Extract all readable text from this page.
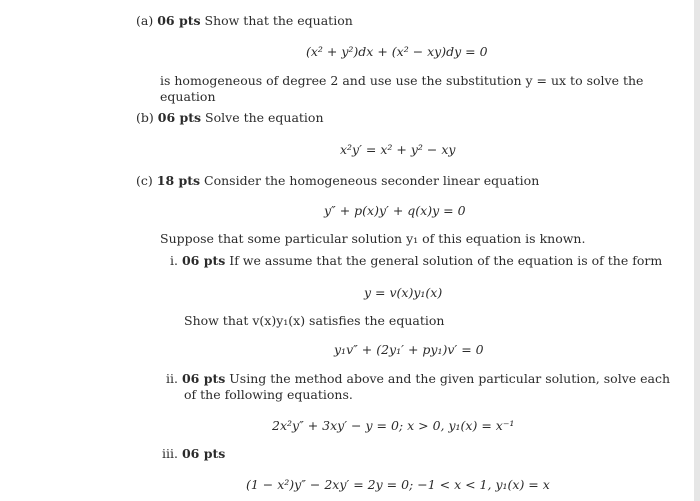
(a) 06 pts Show that the equation
(x² + y²)dx + (x² − xy)dy = 0
is homogeneous of degree 2 and use use the substitution y = ux to solve the
equation
(b) 06 pts Solve the equation
x²y′ = x² + y² − xy
(c) 18 pts Consider the homogeneous seconder linear equation
y″ + p(x)y′ + q(x)y = 0
Suppose that some particular solution y₁ of this equation is known.
i. 06 pts If we assume that the general solution of the equation is of the form
y = v(x)y₁(x)
Show that v(x)y₁(x) satisfies the equation
y₁v″ + (2y₁′ + py₁)v′ = 0
ii. 06 pts Using the method above and the given particular solution, solve each
of the following equations.
2x²y″ + 3xy′ − y = 0; x > 0, y₁(x) = x⁻¹
iii. 06 pts
(1 − x²)y″ − 2xy′ = 2y = 0; −1 < x < 1, y₁(x) = x
